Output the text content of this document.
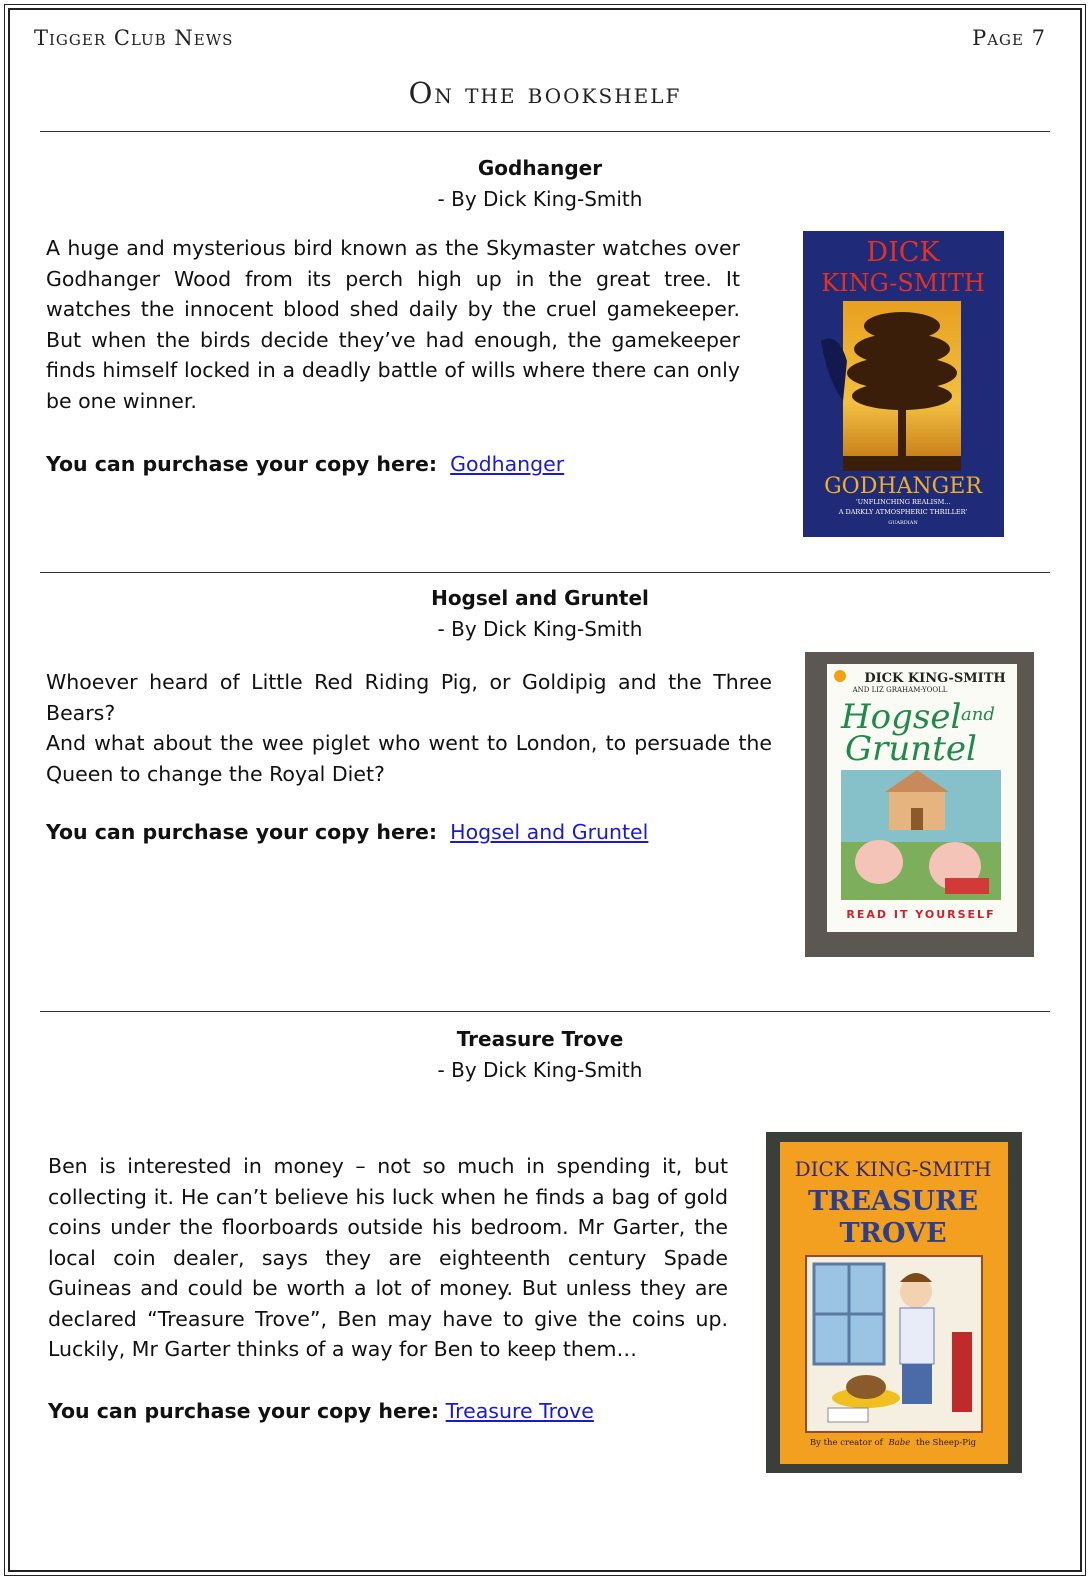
Tigger Club News	Page 7
On the bookshelf
Godhanger
- By Dick King-Smith

A huge and mysterious bird known as the Skymaster watches over Godhanger Wood from its perch high up in the great tree. It watches the innocent blood shed daily by the cruel gamekeeper. But when the birds decide they’ve had enough, the gamekeeper finds himself locked in a deadly battle of wills where there can only be one winner.

You can purchase your copy here: Godhanger
DICK
KING-SMITH
GODHANGER
‘UNFLINCHING REALISM...
A DARKLY ATMOSPHERIC THRILLER’
GUARDIAN
Hogsel and Gruntel
- By Dick King-Smith

Whoever heard of Little Red Riding Pig, or Goldipig and the Three Bears?

And what about the wee piglet who went to London, to persuade the Queen to change the Royal Diet?

You can purchase your copy here: Hogsel and Gruntel
DICK KING-SMITH
AND LIZ GRAHAM-YOOLL
Hogsel and
Gruntel
READ IT YOURSELF
Treasure Trove
- By Dick King-Smith

Ben is interested in money – not so much in spending it, but collecting it. He can’t believe his luck when he finds a bag of gold coins under the floorboards outside his bedroom. Mr Garter, the local coin dealer, says they are eighteenth century Spade Guineas and could be worth a lot of money. But unless they are declared “Treasure Trove”, Ben may have to give the coins up. Luckily, Mr Garter thinks of a way for Ben to keep them…

You can purchase your copy here: Treasure Trove
DICK KING-SMITH
TREASURE
TROVE
By the creator of Babe the Sheep-Pig
